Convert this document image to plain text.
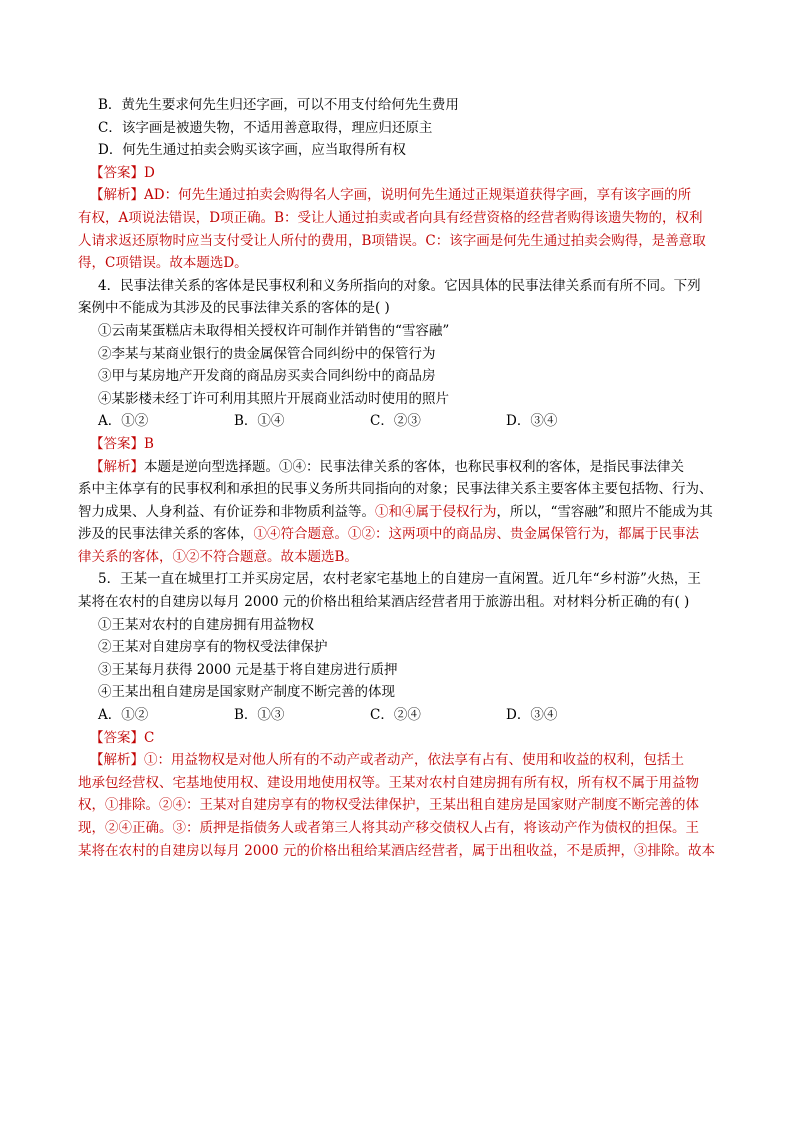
B．黄先生要求何先生归还字画，可以不用支付给何先生费用
C．该字画是被遗失物，不适用善意取得，理应归还原主
D．何先生通过拍卖会购买该字画，应当取得所有权
【答案】D
【解析】AD：何先生通过拍卖会购得名人字画，说明何先生通过正规渠道获得字画，享有该字画的所
有权，A项说法错误，D项正确。B：受让人通过拍卖或者向具有经营资格的经营者购得该遗失物的，权利
人请求返还原物时应当支付受让人所付的费用，B项错误。C：该字画是何先生通过拍卖会购得，是善意取
得，C项错误。故本题选D。
4．民事法律关系的客体是民事权利和义务所指向的对象。它因具体的民事法律关系而有所不同。下列
案例中不能成为其涉及的民事法律关系的客体的是( )
①云南某蛋糕店未取得相关授权许可制作并销售的“雪容融”
②李某与某商业银行的贵金属保管合同纠纷中的保管行为
③甲与某房地产开发商的商品房买卖合同纠纷中的商品房
④某影楼未经丁许可利用其照片开展商业活动时使用的照片
A．①②	B．①④	C．②③	D．③④
【答案】B
【解析】本题是逆向型选择题。①④：民事法律关系的客体，也称民事权利的客体，是指民事法律关
系中主体享有的民事权利和承担的民事义务所共同指向的对象；民事法律关系主要客体主要包括物、行为、
智力成果、人身利益、有价证券和非物质利益等。①和④属于侵权行为，所以，“雪容融”和照片不能成为其
涉及的民事法律关系的客体，①④符合题意。①②：这两项中的商品房、贵金属保管行为，都属于民事法
律关系的客体，①②不符合题意。故本题选B。
5．王某一直在城里打工并买房定居，农村老家宅基地上的自建房一直闲置。近几年“乡村游”火热，王
某将在农村的自建房以每月 2000 元的价格出租给某酒店经营者用于旅游出租。对材料分析正确的有( )
①王某对农村的自建房拥有用益物权
②王某对自建房享有的物权受法律保护
③王某每月获得 2000 元是基于将自建房进行质押
④王某出租自建房是国家财产制度不断完善的体现
A．①②	B．①③	C．②④	D．③④
【答案】C
【解析】①：用益物权是对他人所有的不动产或者动产，依法享有占有、使用和收益的权利，包括土
地承包经营权、宅基地使用权、建设用地使用权等。王某对农村自建房拥有所有权，所有权不属于用益物
权，①排除。②④：王某对自建房享有的物权受法律保护，王某出租自建房是国家财产制度不断完善的体
现，②④正确。③：质押是指债务人或者第三人将其动产移交债权人占有，将该动产作为债权的担保。王
某将在农村的自建房以每月 2000 元的价格出租给某酒店经营者，属于出租收益，不是质押，③排除。故本
